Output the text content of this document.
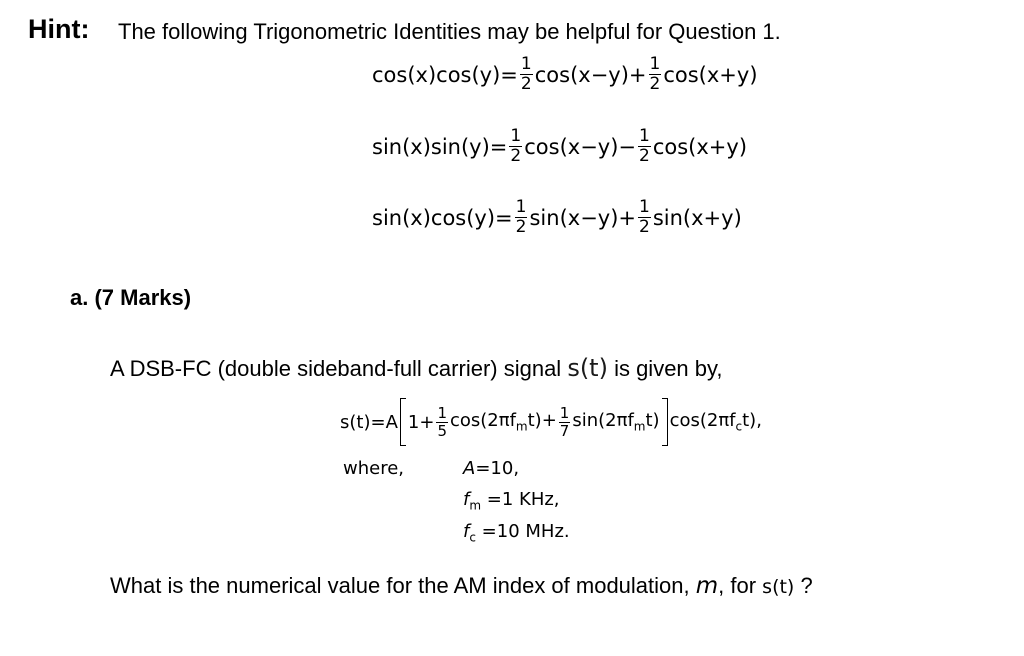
Hint: The following Trigonometric Identities may be helpful for Question 1.
$\cos(x)\cos(y)= \frac{1}{2} \cos(x-y)+ \frac{1}{2} \cos(x+y)$
$\sin(x)\sin(y)= \frac{1}{2} \cos(x-y)- \frac{1}{2} \cos(x+y)$
$\sin(x)\cos(y)= \frac{1}{2} \sin(x-y)+ \frac{1}{2} \sin(x+y)$
a. (7 Marks)
A DSB-FC (double sideband-full carrier) signal s(t) is given by,
s(t)=A $1+ \frac{1}{5} \cos(2\pi f_mt)+ \frac{1}{7} \sin(2\pi f_mt)$ $\cos(2\pi f_ct)$,
where,	A=10,
$f_m =1$ KHz,
$f_c =10$ MHz.
What is the numerical value for the AM index of modulation, m, for s(t) ?
